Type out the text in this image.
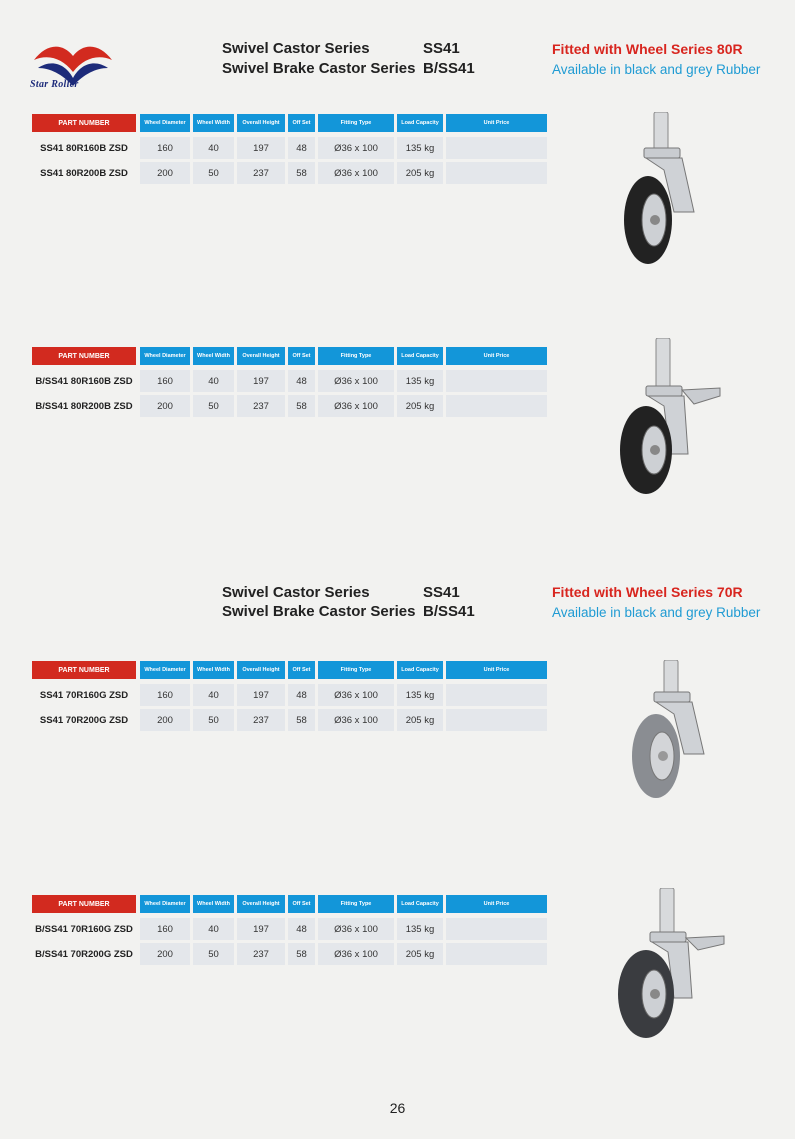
Star Roller
Swivel Castor Series	SS41
Swivel Brake Castor Series B/SS41
Fitted with Wheel Series 80R
Available in black and grey Rubber
Swivel Castor Series	SS41
Swivel Brake Castor Series B/SS41
Fitted with Wheel Series 70R
Available in black and grey Rubber
PART NUMBER	Wheel Diameter	Wheel Width	Overall Height	Off Set	Fitting Type	Load Capacity	Unit Price
SS41 80R160B ZSD	160	40	197	48	Ø36 x 100	135 kg
SS41 80R200B ZSD	200	50	237	58	Ø36 x 100	205 kg
PART NUMBER	Wheel Diameter	Wheel Width	Overall Height	Off Set	Fitting Type	Load Capacity	Unit Price
B/SS41 80R160B ZSD	160	40	197	48	Ø36 x 100	135 kg
B/SS41 80R200B ZSD	200	50	237	58	Ø36 x 100	205 kg
PART NUMBER	Wheel Diameter	Wheel Width	Overall Height	Off Set	Fitting Type	Load Capacity	Unit Price
SS41 70R160G ZSD	160	40	197	48	Ø36 x 100	135 kg
SS41 70R200G ZSD	200	50	237	58	Ø36 x 100	205 kg
PART NUMBER	Wheel Diameter	Wheel Width	Overall Height	Off Set	Fitting Type	Load Capacity	Unit Price
B/SS41 70R160G ZSD	160	40	197	48	Ø36 x 100	135 kg
B/SS41 70R200G ZSD	200	50	237	58	Ø36 x 100	205 kg
26
